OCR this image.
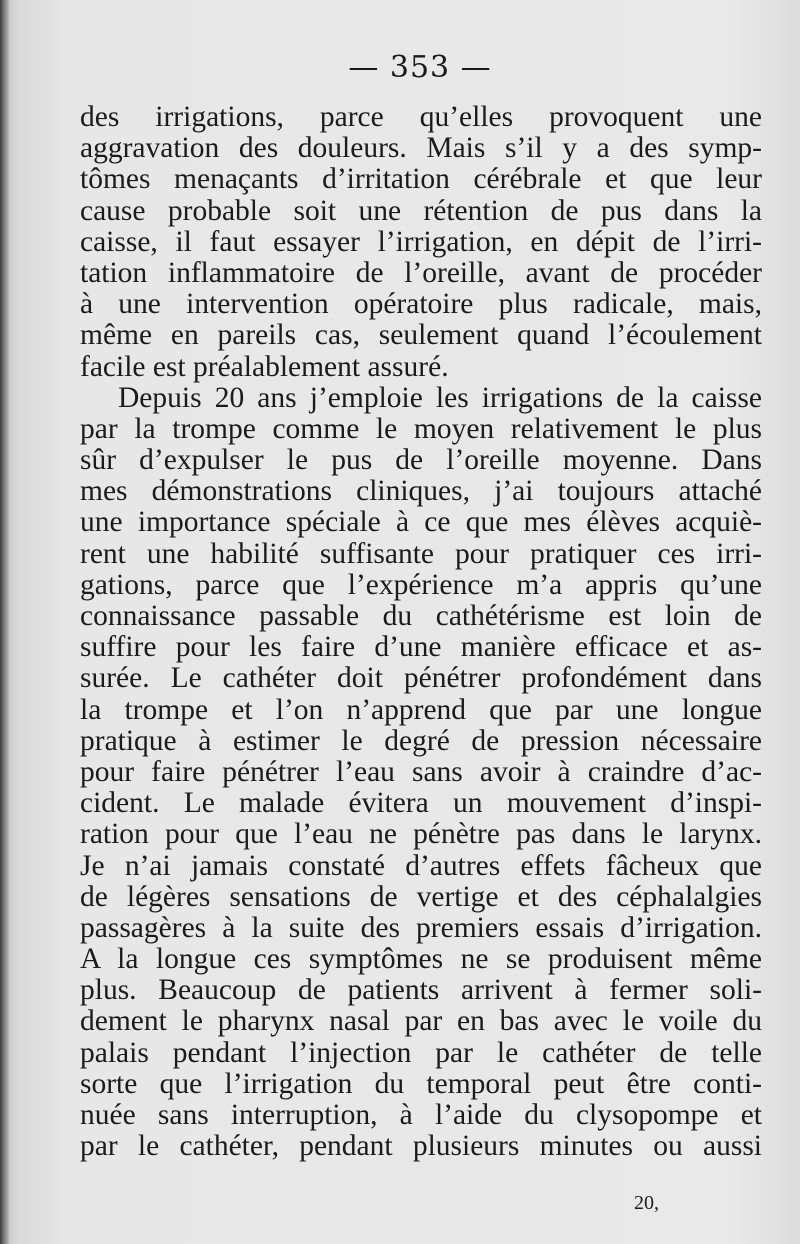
— 353 —
des irrigations, parce qu’elles provoquent une
aggravation des douleurs. Mais s’il y a des symp-
tômes menaçants d’irritation cérébrale et que leur
cause probable soit une rétention de pus dans la
caisse, il faut essayer l’irrigation, en dépit de l’irri-
tation inflammatoire de l’oreille, avant de procéder
à une intervention opératoire plus radicale, mais,
même en pareils cas, seulement quand l’écoulement
facile est préalablement assuré.
Depuis 20 ans j’emploie les irrigations de la caisse
par la trompe comme le moyen relativement le plus
sûr d’expulser le pus de l’oreille moyenne. Dans
mes démonstrations cliniques, j’ai toujours attaché
une importance spéciale à ce que mes élèves acquiè-
rent une habilité suffisante pour pratiquer ces irri-
gations, parce que l’expérience m’a appris qu’une
connaissance passable du cathétérisme est loin de
suffire pour les faire d’une manière efficace et as-
surée. Le cathéter doit pénétrer profondément dans
la trompe et l’on n’apprend que par une longue
pratique à estimer le degré de pression nécessaire
pour faire pénétrer l’eau sans avoir à craindre d’ac-
cident. Le malade évitera un mouvement d’inspi-
ration pour que l’eau ne pénètre pas dans le larynx.
Je n’ai jamais constaté d’autres effets fâcheux que
de légères sensations de vertige et des céphalalgies
passagères à la suite des premiers essais d’irrigation.
A la longue ces symptômes ne se produisent même
plus. Beaucoup de patients arrivent à fermer soli-
dement le pharynx nasal par en bas avec le voile du
palais pendant l’injection par le cathéter de telle
sorte que l’irrigation du temporal peut être conti-
nuée sans interruption, à l’aide du clysopompe et
par le cathéter, pendant plusieurs minutes ou aussi
20,
